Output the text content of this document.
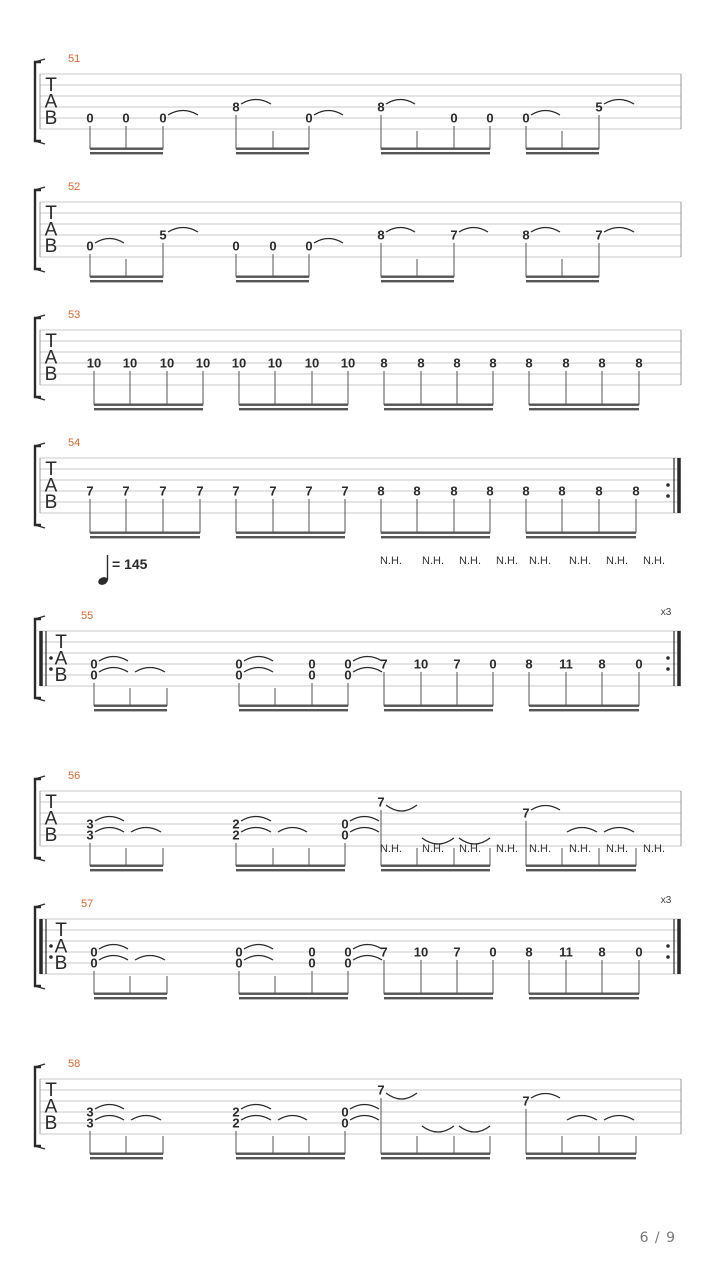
= 145
51
T
A
B 0 0 0
8
0
8
0 0 0
5
52
T
A
B 0
5
0 0 0
8	7	8	7
53
T
A
B
10 10 10 10 10 10 10 10 8 8 8 8 8 8 8 8
54
T
A
B
7 7 7 7 7 7 7 7 8 8 8 8 8 8 8 8
55	x3
T
A
B
N.H. N.H. N.H. N.H. N.H. N.H. N.H. N.H.
0
0
0
0
0
0
0
0
7 10 7 0 8 11 8 0
56
T
A
B
3
3
2
2
0
0
7
7
57	x3
T
A
B
N.H. N.H. N.H. N.H. N.H. N.H. N.H. N.H.
0
0
0
0
0
0
0
0
7 10 7 0 8 11 8 0
58
T
A
B
3
3
2
2
0
0
7
7
6 / 9
